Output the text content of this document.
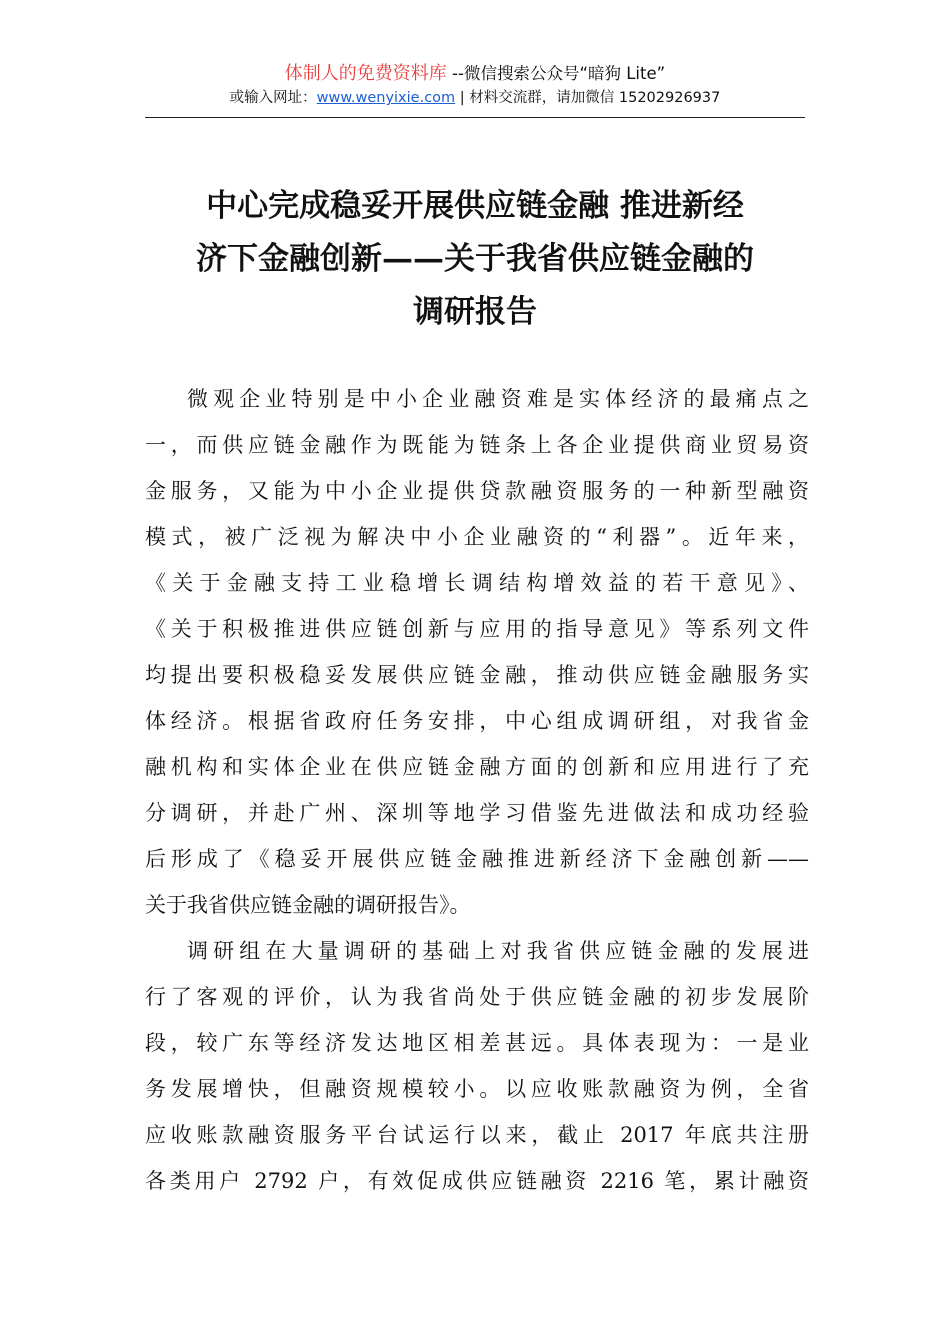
体制人的免费资料库 --微信搜索公众号“暗狗 Lite”
或输入网址：www.wenyixie.com | 材料交流群，请加微信 15202926937
中心完成稳妥开展供应链金融 推进新经
济下金融创新——关于我省供应链金融的
调研报告
微观企业特别是中小企业融资难是实体经济的最痛点之
一，而供应链金融作为既能为链条上各企业提供商业贸易资
金服务，又能为中小企业提供贷款融资服务的一种新型融资
模式，被广泛视为解决中小企业融资的“利器”。近年来，
《关于金融支持工业稳增长调结构增效益的若干意见》、
《关于积极推进供应链创新与应用的指导意见》等系列文件
均提出要积极稳妥发展供应链金融，推动供应链金融服务实
体经济。根据省政府任务安排，中心组成调研组，对我省金
融机构和实体企业在供应链金融方面的创新和应用进行了充
分调研，并赴广州、深圳等地学习借鉴先进做法和成功经验
后形成了《稳妥开展供应链金融推进新经济下金融创新——
关于我省供应链金融的调研报告》。
调研组在大量调研的基础上对我省供应链金融的发展进
行了客观的评价，认为我省尚处于供应链金融的初步发展阶
段，较广东等经济发达地区相差甚远。具体表现为：一是业
务发展增快，但融资规模较小。以应收账款融资为例，全省
应收账款融资服务平台试运行以来，截止 2017 年底共注册
各类用户 2792 户，有效促成供应链融资 2216 笔，累计融资
